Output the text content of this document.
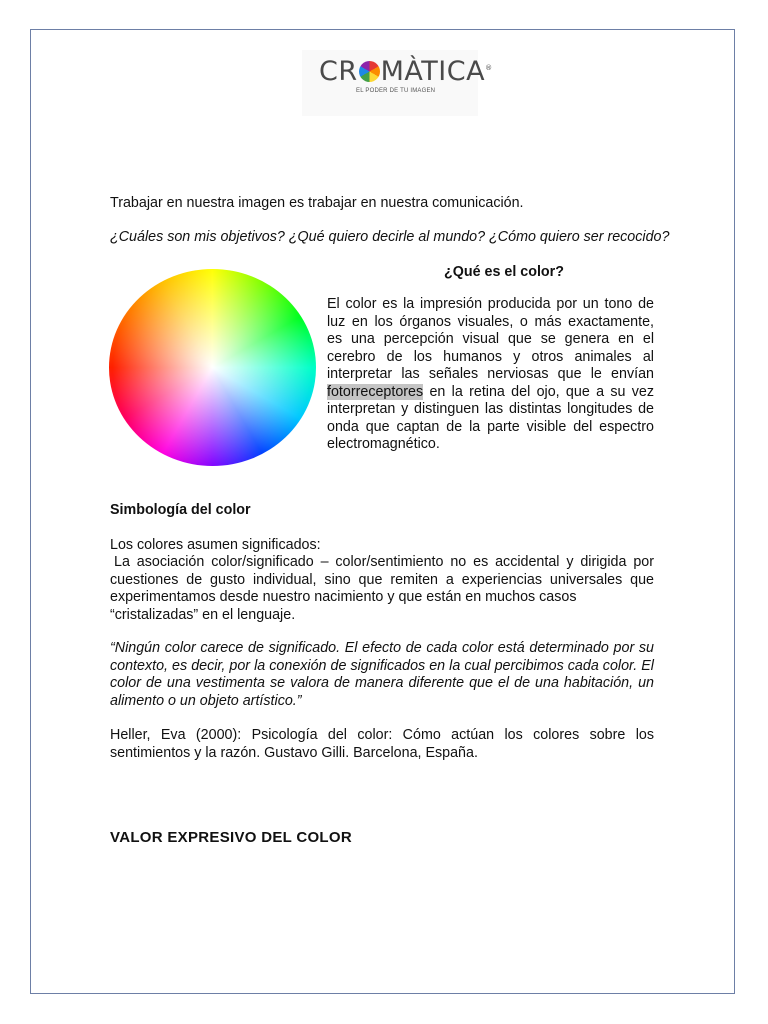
CR MÀTICA®
EL PODER DE TU IMAGEN
Trabajar en nuestra imagen es trabajar en nuestra comunicación.
¿Cuáles son mis objetivos? ¿Qué quiero decirle al mundo? ¿Cómo quiero ser recocido?
¿Qué es el color?
El color es la impresión producida por un tono de luz en los órganos visuales, o más exactamente, es una percepción visual que se genera en el cerebro de los humanos y otros animales al interpretar las señales nerviosas que le envían fotorreceptores en la retina del ojo, que a su vez interpretan y distinguen las distintas longitudes de onda que captan de la parte visible del espectro electromagnético.
Simbología del color
Los colores asumen significados:
La asociación color/significado – color/sentimiento no es accidental y dirigida por cuestiones de gusto individual, sino que remiten a experiencias universales que experimentamos desde nuestro nacimiento y que están en muchos casos
“cristalizadas” en el lenguaje.
“Ningún color carece de significado. El efecto de cada color está determinado por su contexto, es decir, por la conexión de significados en la cual percibimos cada color. El color de una vestimenta se valora de manera diferente que el de una habitación, un alimento o un objeto artístico.”
Heller, Eva (2000): Psicología del color: Cómo actúan los colores sobre los sentimientos y la razón. Gustavo Gilli. Barcelona, España.
VALOR EXPRESIVO DEL COLOR
